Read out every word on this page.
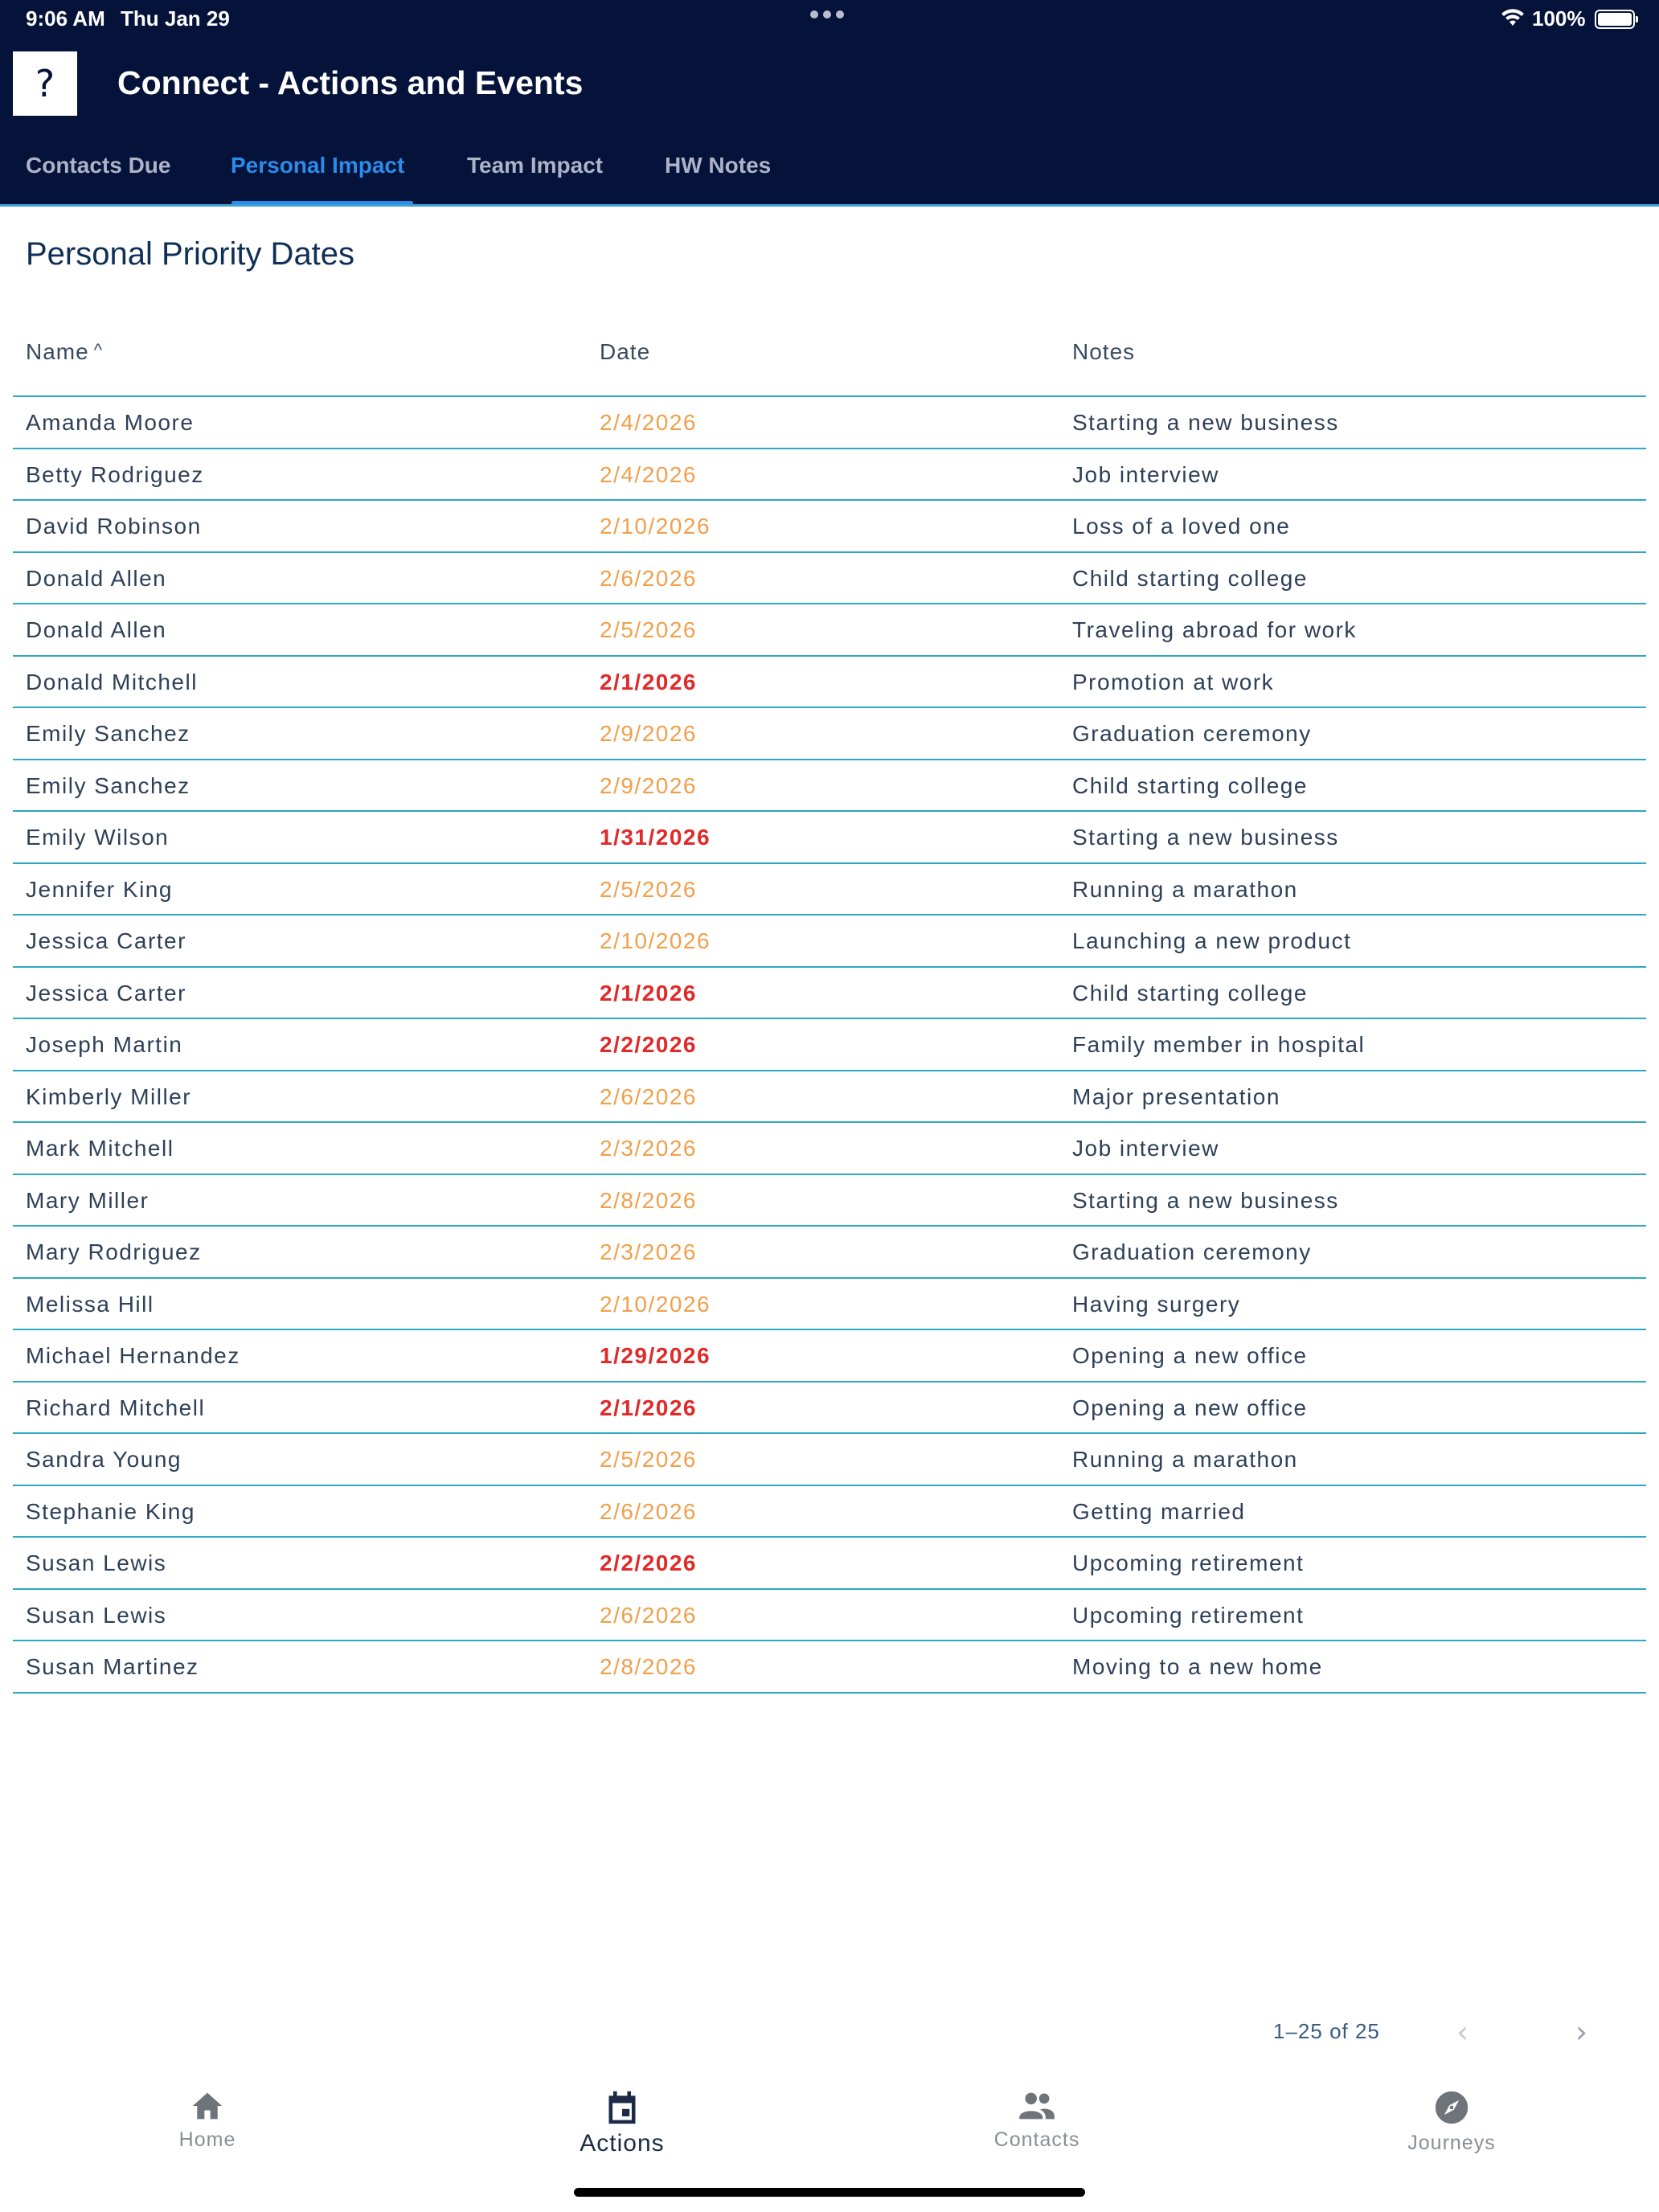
9:06 AM Thu Jan 29	100%
?	Connect - Actions and Events
Contacts Due	Personal Impact	Team Impact	HW Notes
Personal Priority Dates
Name ^	Date	Notes
Amanda Moore	2/4/2026	Starting a new business
Betty Rodriguez	2/4/2026	Job interview
David Robinson	2/10/2026	Loss of a loved one
Donald Allen	2/6/2026	Child starting college
Donald Allen	2/5/2026	Traveling abroad for work
Donald Mitchell	2/1/2026	Promotion at work
Emily Sanchez	2/9/2026	Graduation ceremony
Emily Sanchez	2/9/2026	Child starting college
Emily Wilson	1/31/2026	Starting a new business
Jennifer King	2/5/2026	Running a marathon
Jessica Carter	2/10/2026	Launching a new product
Jessica Carter	2/1/2026	Child starting college
Joseph Martin	2/2/2026	Family member in hospital
Kimberly Miller	2/6/2026	Major presentation
Mark Mitchell	2/3/2026	Job interview
Mary Miller	2/8/2026	Starting a new business
Mary Rodriguez	2/3/2026	Graduation ceremony
Melissa Hill	2/10/2026	Having surgery
Michael Hernandez	1/29/2026	Opening a new office
Richard Mitchell	2/1/2026	Opening a new office
Sandra Young	2/5/2026	Running a marathon
Stephanie King	2/6/2026	Getting married
Susan Lewis	2/2/2026	Upcoming retirement
Susan Lewis	2/6/2026	Upcoming retirement
Susan Martinez	2/8/2026	Moving to a new home
1–25 of 25	‹	›
Home	Actions	Contacts	Journeys
